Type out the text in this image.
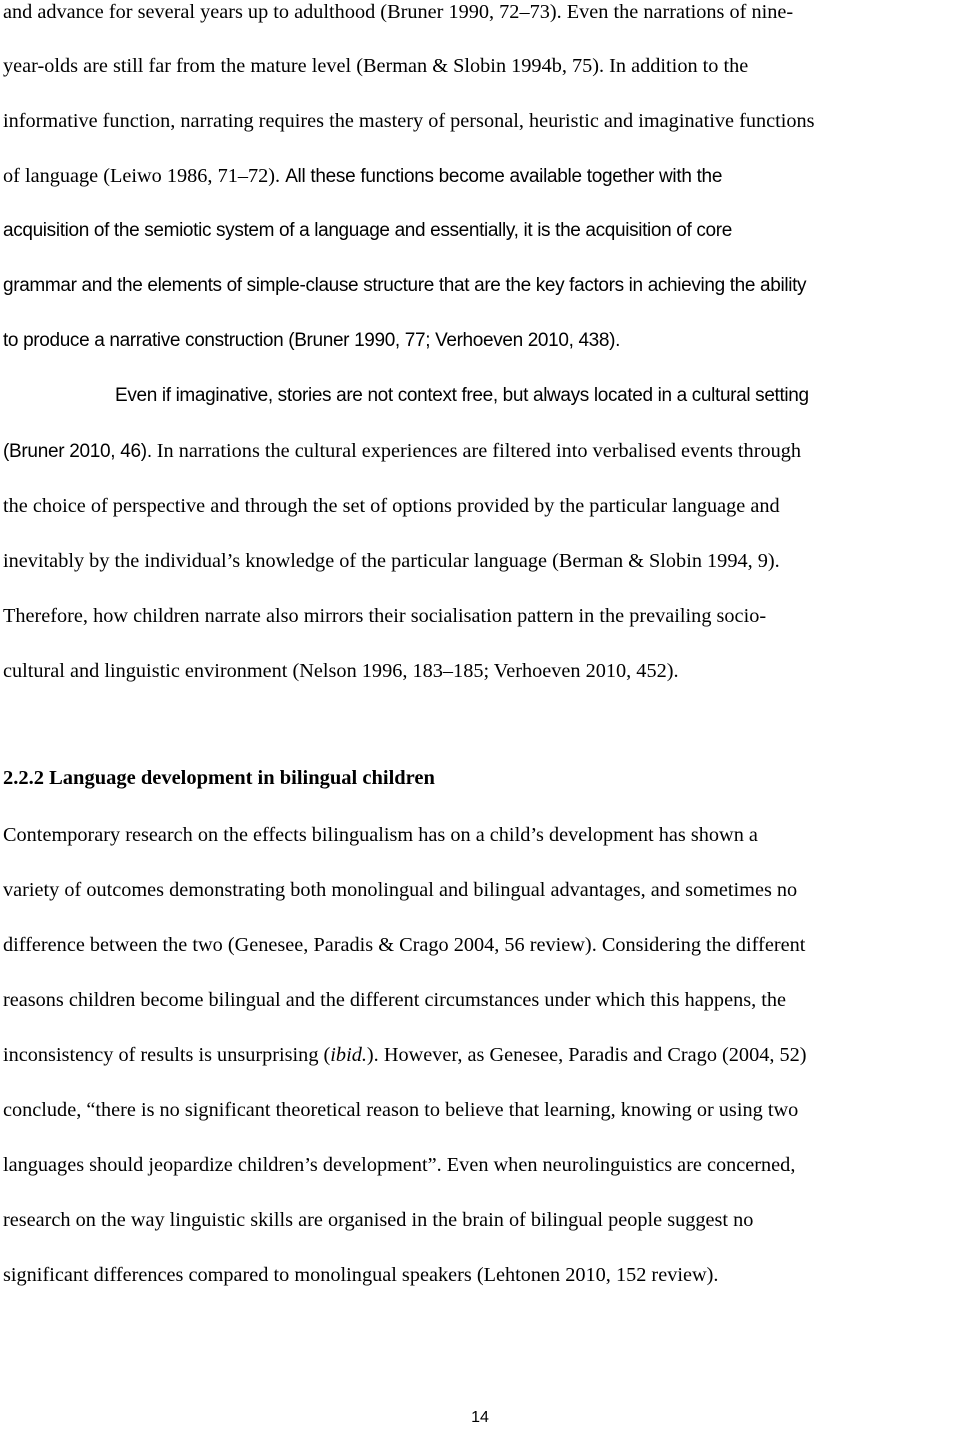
and advance for several years up to adulthood (Bruner 1990, 72–73). Even the narrations of nine-
year-olds are still far from the mature level (Berman & Slobin 1994b, 75). In addition to the
informative function, narrating requires the mastery of personal, heuristic and imaginative functions
of language (Leiwo 1986, 71–72). All these functions become available together with the
acquisition of the semiotic system of a language and essentially, it is the acquisition of core
grammar and the elements of simple-clause structure that are the key factors in achieving the ability
to produce a narrative construction (Bruner 1990, 77; Verhoeven 2010, 438).
Even if imaginative, stories are not context free, but always located in a cultural setting
(Bruner 2010, 46). In narrations the cultural experiences are filtered into verbalised events through
the choice of perspective and through the set of options provided by the particular language and
inevitably by the individual’s knowledge of the particular language (Berman & Slobin 1994, 9).
Therefore, how children narrate also mirrors their socialisation pattern in the prevailing socio-
cultural and linguistic environment (Nelson 1996, 183–185; Verhoeven 2010, 452).
2.2.2 Language development in bilingual children
Contemporary research on the effects bilingualism has on a child’s development has shown a
variety of outcomes demonstrating both monolingual and bilingual advantages, and sometimes no
difference between the two (Genesee, Paradis & Crago 2004, 56 review). Considering the different
reasons children become bilingual and the different circumstances under which this happens, the
inconsistency of results is unsurprising (ibid.). However, as Genesee, Paradis and Crago (2004, 52)
conclude, “there is no significant theoretical reason to believe that learning, knowing or using two
languages should jeopardize children’s development”. Even when neurolinguistics are concerned,
research on the way linguistic skills are organised in the brain of bilingual people suggest no
significant differences compared to monolingual speakers (Lehtonen 2010, 152 review).
14
